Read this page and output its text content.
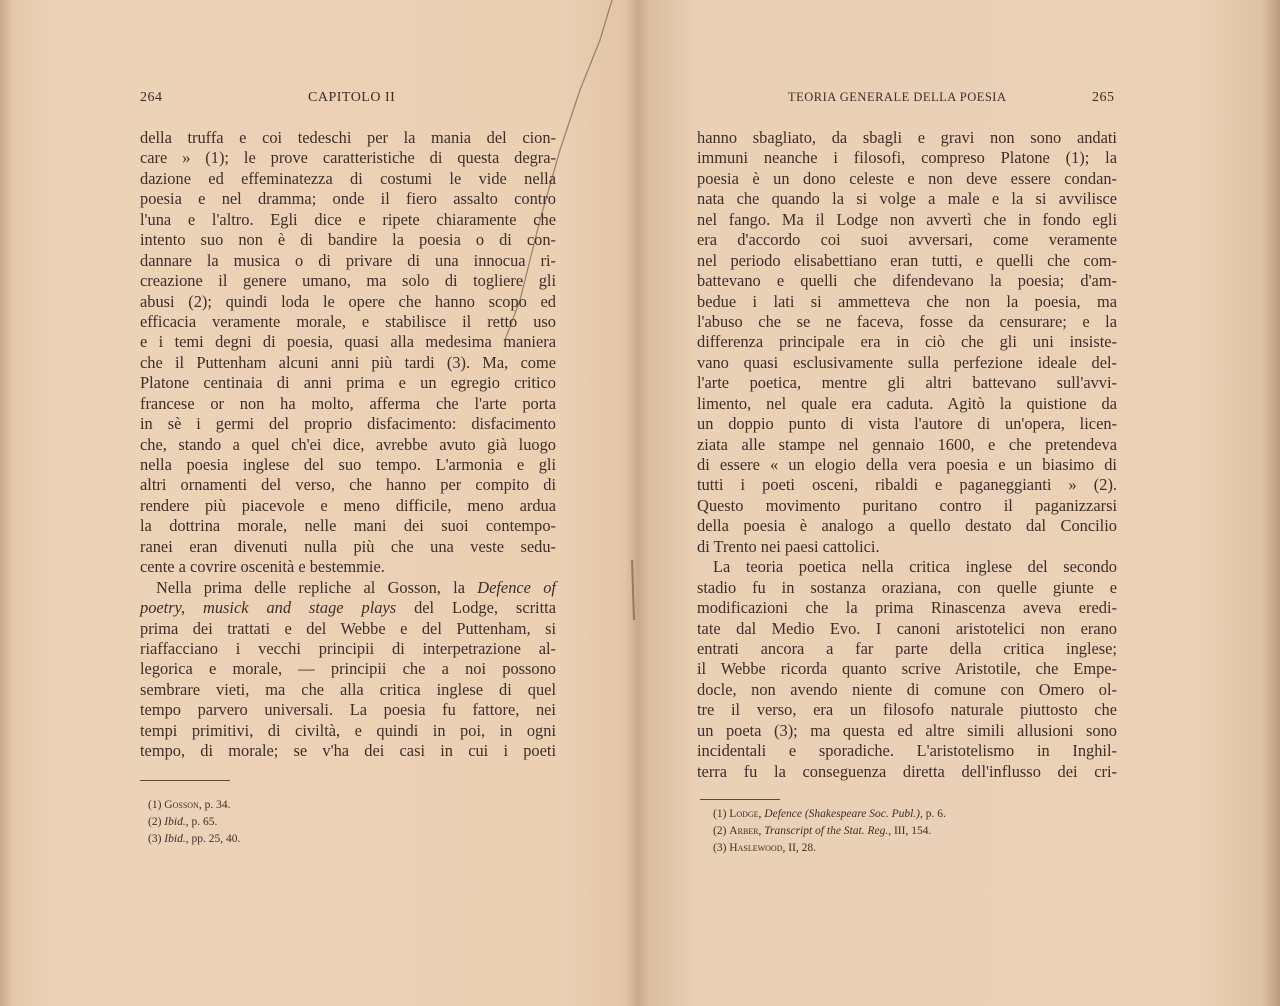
264	CAPITOLO II	TEORIA GENERALE DELLA POESIA	265
della truffa e coi tedeschi per la mania del cion-
care » (1); le prove caratteristiche di questa degra-
dazione ed effeminatezza di costumi le vide nella
poesia e nel dramma; onde il fiero assalto contro
l'una e l'altro. Egli dice e ripete chiaramente che
intento suo non è di bandire la poesia o di con-
dannare la musica o di privare di una innocua ri-
creazione il genere umano, ma solo di togliere gli
abusi (2); quindi loda le opere che hanno scopo ed
efficacia veramente morale, e stabilisce il retto uso
e i temi degni di poesia, quasi alla medesima maniera
che il Puttenham alcuni anni più tardi (3). Ma, come
Platone centinaia di anni prima e un egregio critico
francese or non ha molto, afferma che l'arte porta
in sè i germi del proprio disfacimento: disfacimento
che, stando a quel ch'ei dice, avrebbe avuto già luogo
nella poesia inglese del suo tempo. L'armonia e gli
altri ornamenti del verso, che hanno per compito di
rendere più piacevole e meno difficile, meno ardua
la dottrina morale, nelle mani dei suoi contempo-
ranei eran divenuti nulla più che una veste sedu-
cente a covrire oscenità e bestemmie.
Nella prima delle repliche al Gosson, la Defence of
poetry, musick and stage plays del Lodge, scritta
prima dei trattati e del Webbe e del Puttenham, si
riaffacciano i vecchi principii di interpetrazione al-
legorica e morale, — principii che a noi possono
sembrare vieti, ma che alla critica inglese di quel
tempo parvero universali. La poesia fu fattore, nei
tempi primitivi, di civiltà, e quindi in poi, in ogni
tempo, di morale; se v'ha dei casi in cui i poeti
hanno sbagliato, da sbagli e gravi non sono andati
immuni neanche i filosofi, compreso Platone (1); la
poesia è un dono celeste e non deve essere condan-
nata che quando la si volge a male e la si avvilisce
nel fango. Ma il Lodge non avvertì che in fondo egli
era d'accordo coi suoi avversari, come veramente
nel periodo elisabettiano eran tutti, e quelli che com-
battevano e quelli che difendevano la poesia; d'am-
bedue i lati si ammetteva che non la poesia, ma
l'abuso che se ne faceva, fosse da censurare; e la
differenza principale era in ciò che gli uni insiste-
vano quasi esclusivamente sulla perfezione ideale del-
l'arte poetica, mentre gli altri battevano sull'avvi-
limento, nel quale era caduta. Agitò la quistione da
un doppio punto di vista l'autore di un'opera, licen-
ziata alle stampe nel gennaio 1600, e che pretendeva
di essere « un elogio della vera poesia e un biasimo di
tutti i poeti osceni, ribaldi e paganeggianti » (2).
Questo movimento puritano contro il paganizzarsi
della poesia è analogo a quello destato dal Concilio
di Trento nei paesi cattolici.
La teoria poetica nella critica inglese del secondo
stadio fu in sostanza oraziana, con quelle giunte e
modificazioni che la prima Rinascenza aveva eredi-
tate dal Medio Evo. I canoni aristotelici non erano
entrati ancora a far parte della critica inglese;
il Webbe ricorda quanto scrive Aristotile, che Empe-
docle, non avendo niente di comune con Omero ol-
tre il verso, era un filosofo naturale piuttosto che
un poeta (3); ma questa ed altre simili allusioni sono
incidentali e sporadiche. L'aristotelismo in Inghil-
terra fu la conseguenza diretta dell'influsso dei cri-
(1) Gosson, p. 34.
(2) Ibid., p. 65.
(3) Ibid., pp. 25, 40.
(1) Lodge, Defence (Shakespeare Soc. Publ.), p. 6.
(2) Arber, Transcript of the Stat. Reg., III, 154.
(3) Haslewood, II, 28.
